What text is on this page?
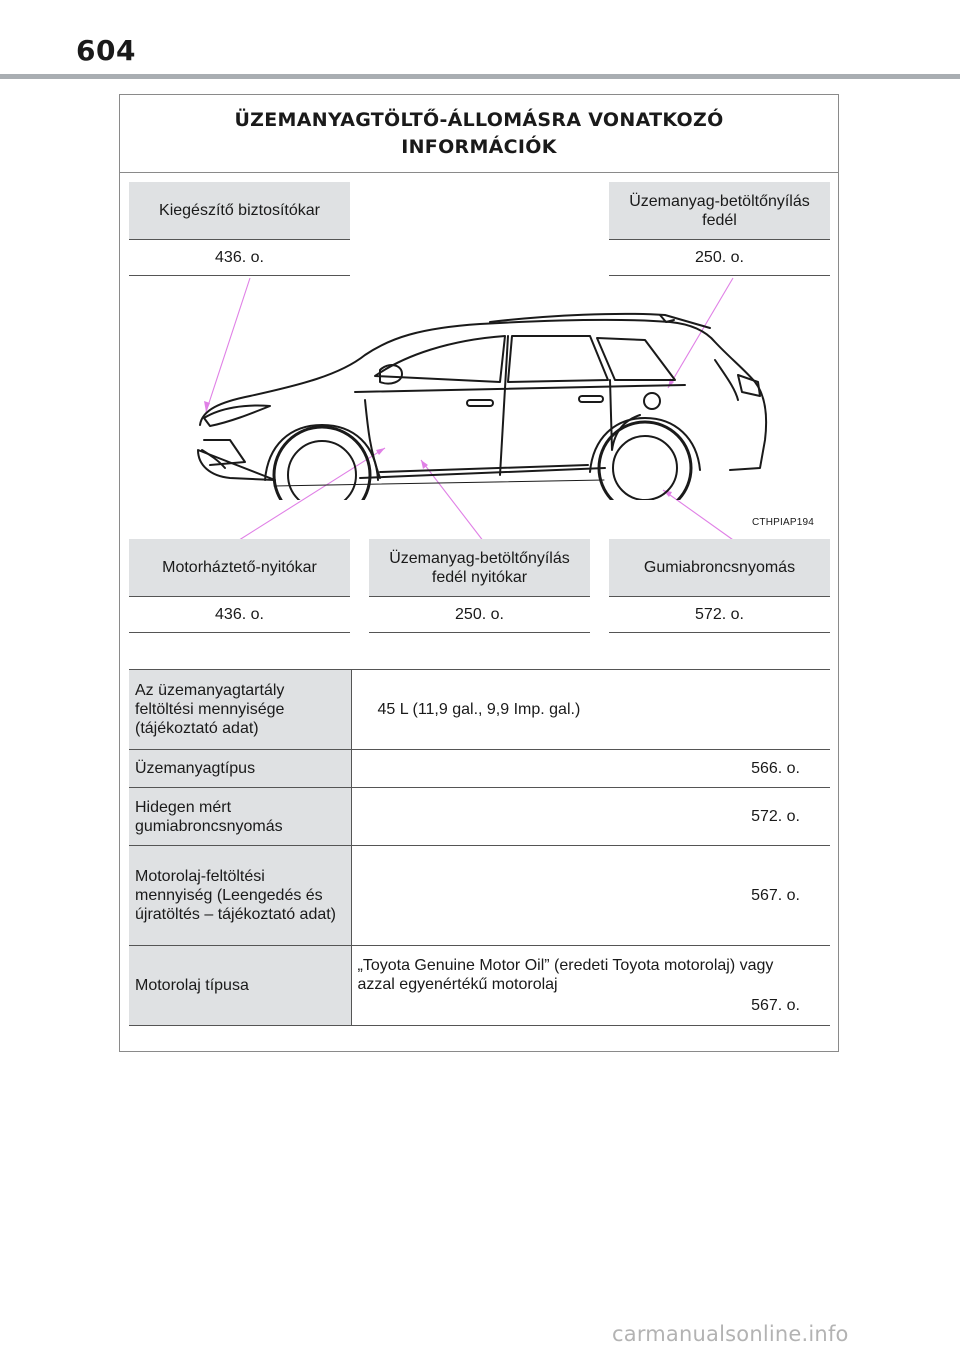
604
ÜZEMANYAGTÖLTŐ-ÁLLOMÁSRA VONATKOZÓ INFORMÁCIÓK
CTHPIAP194
Kiegészítő biztosítókar
436. o.
Üzemanyag-betöltőnyílás fedél
250. o.
Motorháztető-nyitókar
436. o.
Üzemanyag-betöltőnyílás fedél nyitókar
250. o.
Gumiabroncsnyomás
572. o.
Az üzemanyagtartály feltöltési mennyisége (tájékoztató adat)	45 L (11,9 gal., 9,9 Imp. gal.)
Üzemanyagtípus	566. o.
Hidegen mért gumiabroncsnyomás	572. o.
Motorolaj-feltöltési mennyiség (Leengedés és újratöltés – tájékoztató adat)	567. o.
Motorolaj típusa	„Toyota Genuine Motor Oil” (eredeti Toyota motorolaj) vagy azzal egyenértékű motorolaj
567. o.
carmanualsonline.info
